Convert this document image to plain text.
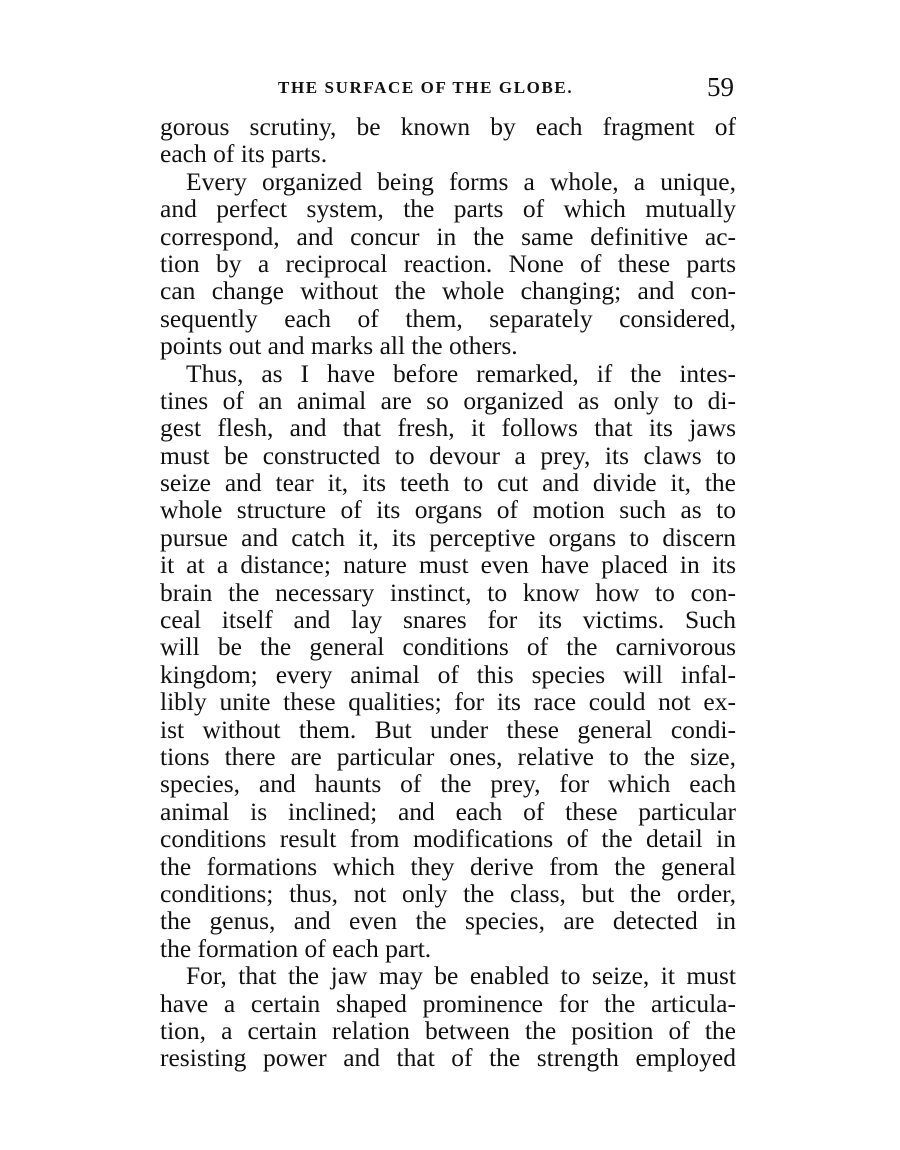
THE SURFACE OF THE GLOBE.	59
gorous scrutiny, be known by each fragment of
each of its parts.
Every organized being forms a whole, a unique,
and perfect system, the parts of which mutually
correspond, and concur in the same definitive ac-
tion by a reciprocal reaction. None of these parts
can change without the whole changing; and con-
sequently each of them, separately considered,
points out and marks all the others.
Thus, as I have before remarked, if the intes-
tines of an animal are so organized as only to di-
gest flesh, and that fresh, it follows that its jaws
must be constructed to devour a prey, its claws to
seize and tear it, its teeth to cut and divide it, the
whole structure of its organs of motion such as to
pursue and catch it, its perceptive organs to discern
it at a distance; nature must even have placed in its
brain the necessary instinct, to know how to con-
ceal itself and lay snares for its victims. Such
will be the general conditions of the carnivorous
kingdom; every animal of this species will infal-
libly unite these qualities; for its race could not ex-
ist without them. But under these general condi-
tions there are particular ones, relative to the size,
species, and haunts of the prey, for which each
animal is inclined; and each of these particular
conditions result from modifications of the detail in
the formations which they derive from the general
conditions; thus, not only the class, but the order,
the genus, and even the species, are detected in
the formation of each part.
For, that the jaw may be enabled to seize, it must
have a certain shaped prominence for the articula-
tion, a certain relation between the position of the
resisting power and that of the strength employed
